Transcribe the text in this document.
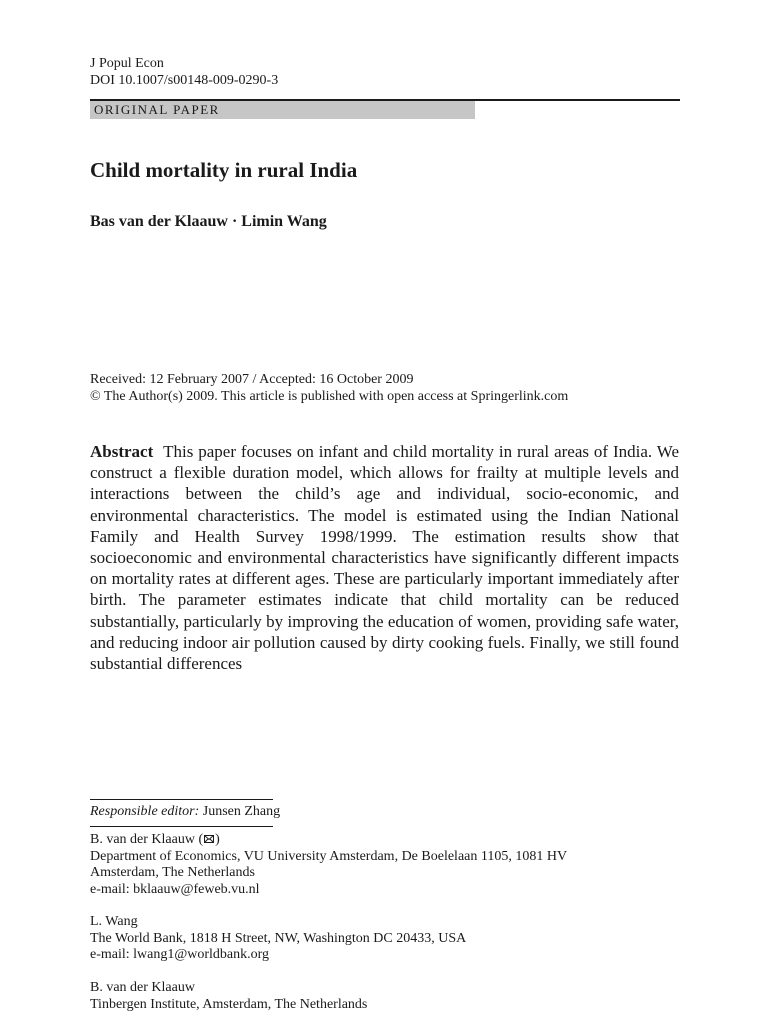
J Popul Econ
DOI 10.1007/s00148-009-0290-3
ORIGINAL PAPER
Child mortality in rural India
Bas van der Klaauw · Limin Wang
Received: 12 February 2007 / Accepted: 16 October 2009
© The Author(s) 2009. This article is published with open access at Springerlink.com
Abstract This paper focuses on infant and child mortality in rural areas of India. We construct a flexible duration model, which allows for frailty at multiple levels and interactions between the child’s age and individual, socio-economic, and environmental characteristics. The model is estimated using the Indian National Family and Health Survey 1998/1999. The estimation results show that socioeconomic and environmental characteristics have significantly different impacts on mortality rates at different ages. These are particularly important immediately after birth. The parameter estimates indicate that child mortality can be reduced substantially, particularly by improving the education of women, providing safe water, and reducing indoor air pollution caused by dirty cooking fuels. Finally, we still found substantial differences
Responsible editor: Junsen Zhang
B. van der Klaauw ( )
Department of Economics, VU University Amsterdam, De Boelelaan 1105, 1081 HV
Amsterdam, The Netherlands
e-mail: bklaauw@feweb.vu.nl
L. Wang
The World Bank, 1818 H Street, NW, Washington DC 20433, USA
e-mail: lwang1@worldbank.org
B. van der Klaauw
Tinbergen Institute, Amsterdam, The Netherlands
